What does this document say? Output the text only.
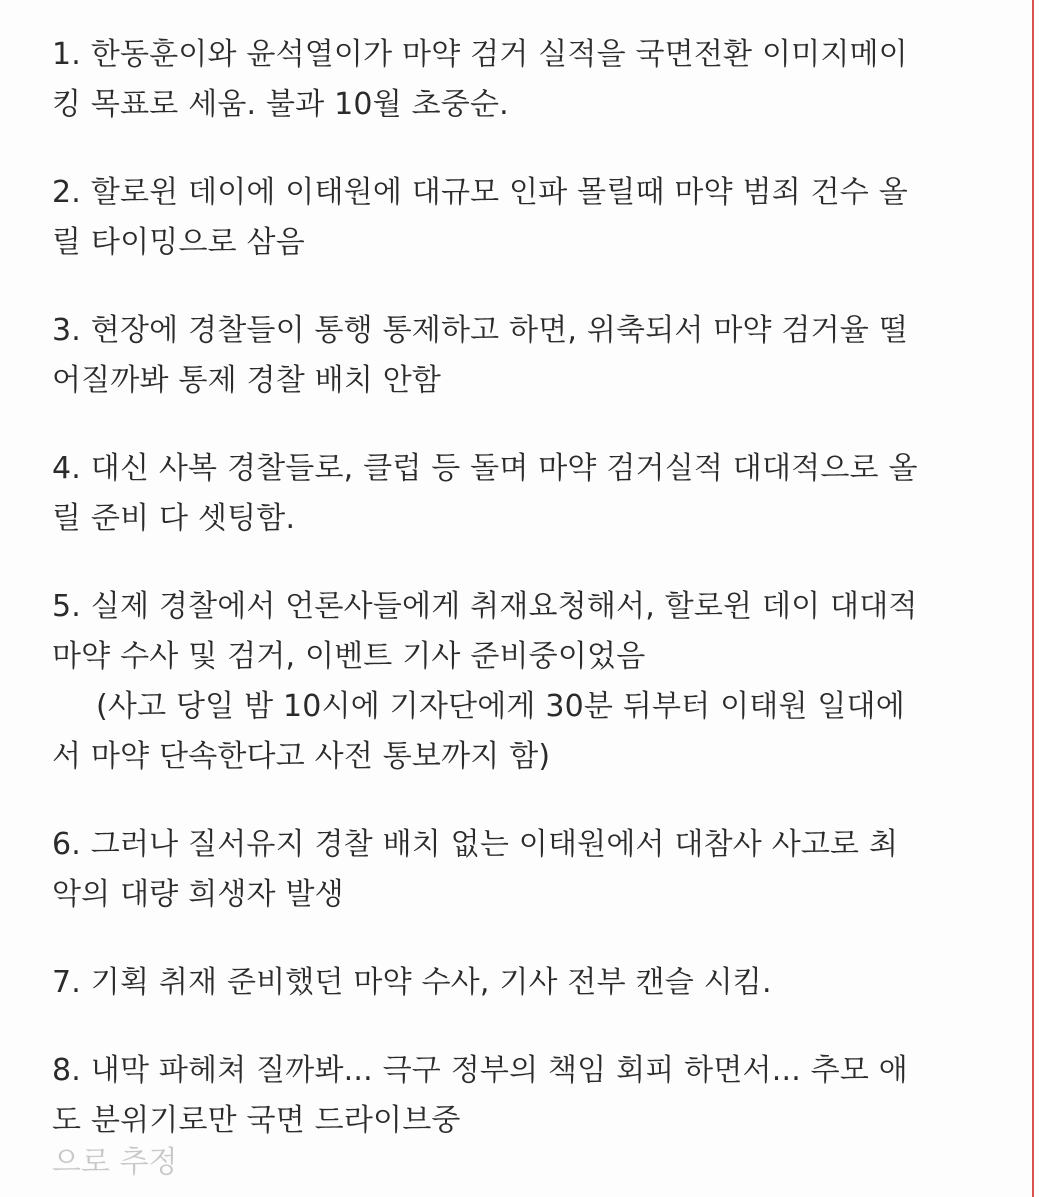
1. 한동훈이와 윤석열이가 마약 검거 실적을 국면전환 이미지메이
킹 목표로 세움. 불과 10월 초중순.
2. 할로윈 데이에 이태원에 대규모 인파 몰릴때 마약 범죄 건수 올
릴 타이밍으로 삼음
3. 현장에 경찰들이 통행 통제하고 하면, 위축되서 마약 검거율 떨
어질까봐 통제 경찰 배치 안함
4. 대신 사복 경찰들로, 클럽 등 돌며 마약 검거실적 대대적으로 올
릴 준비 다 셋팅함.
5. 실제 경찰에서 언론사들에게 취재요청해서, 할로윈 데이 대대적
마약 수사 및 검거, 이벤트 기사 준비중이었음
(사고 당일 밤 10시에 기자단에게 30분 뒤부터 이태원 일대에
서 마약 단속한다고 사전 통보까지 함)
6. 그러나 질서유지 경찰 배치 없는 이태원에서 대참사 사고로 최
악의 대량 희생자 발생
7. 기획 취재 준비했던 마약 수사, 기사 전부 캔슬 시킴.
8. 내막 파헤쳐 질까봐... 극구 정부의 책임 회피 하면서... 추모 애
도 분위기로만 국면 드라이브중
으로 추정
